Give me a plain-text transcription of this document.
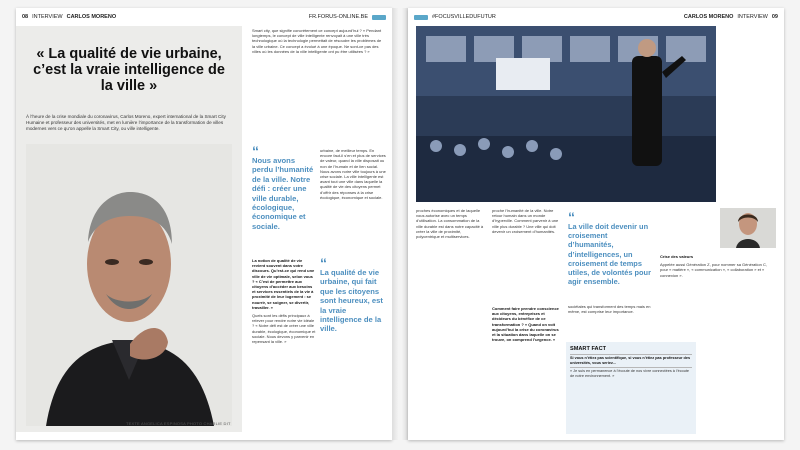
08 INTERVIEW CARLOS MORENO	FR.FORUS-ONLINE.BE
« La qualité de vie urbaine, c’est la vraie intelligence de la ville »
À l’heure de la crise mondiale du coronavirus, Carlos Moreno, expert international de la Smart City Humaine et professeur des universités, met en lumière l’importance de la transformation de villes modernes vers ce qu’on appelle la Smart City, ou ville intelligente.
TEXTE ANGELICA ESPINOSA PHOTO CHARLIE DIT

Smart city, que signifie concrètement ce concept aujourd’hui ? « Pendant longtemps, le concept de ville intelligente renvoyait à une ville très technologique où la technologie permettait de résoudre les problèmes de la ville urbaine. Ce concept a évolué à une époque. Ne sont-ce pas des villes où les données de la ville intelligente ont pu être utilisées ? »

“
Nous avons perdu l’humanité de la ville. Notre défi : créer une ville durable, écologique, économique et sociale.

urbaine, de meilleur temps. En encore faut-il s’en et plus de services de valeur, quand la ville disposait ou non de l’humain et de lien social. Nous avons notre ville toujours à une crise sociale. La ville intelligente est avant tout une ville dans laquelle la qualité de vie des citoyens permet d’offrir des réponses à la crise écologique, économique et sociale.

La notion de qualité de vie revient souvent dans votre discours. Qu’est-ce qui rend une ville de vie optimale, selon vous ? « C’est de permettre aux citoyens d’accéder aux besoins et services essentiels de la vie à proximité de leur logement : se nourrir, se soigner, se divertir, travailler. »

Quels sont les défis principaux à relever pour rendre notre vie idéale ? « Notre défi est de créer une ville durable, écologique, économique et sociale. Nous devons y parvenir en repensant la ville. »

“
La qualité de vie urbaine, qui fait que les citoyens sont heureux, est la vraie intelligence de la ville.
#FOCUSVILLEDUFUTUR	CARLOS MORENO INTERVIEW 09
“
La ville doit devenir un croisement d’humanités, d’intelligences, un croisement de temps utiles, de volontés pour agir ensemble.

proches économiques et de laquelle vous autorise avec un temps d’utilisation. La consommation de la ville durable est dans notre capacité à créer la ville de proximité, polycentrique et multiservices.

proche l’humanité de la ville. Notre retour humain dans un monde d’hyperville. Comment parvenir à une ville plus durable ? Une ville qui doit devenir un croisement d’humanités.

Comment faire prendre conscience aux citoyens, entreprises et décideurs du bénéfice de ce transformation ? « Quand on voit aujourd’hui la crise du coronavirus et la situation dans laquelle on se trouve, on comprend l’urgence. »

sociétales qui transforment des temps mais en même, est comprise leur importance.

Crise des valeurs

Appelée aussi Génération Z, pour nommer sa Génération C, pour « matière », « communication », « collaboration » et « connexion ».

SMART FACT
Si vous n’étiez pas scientifique, si vous n’étiez pas professeur des universités, vous seriez...
« Je suis en permanence à l’écoute de nos vivre connectées à l’écoute de notre environnement. »
